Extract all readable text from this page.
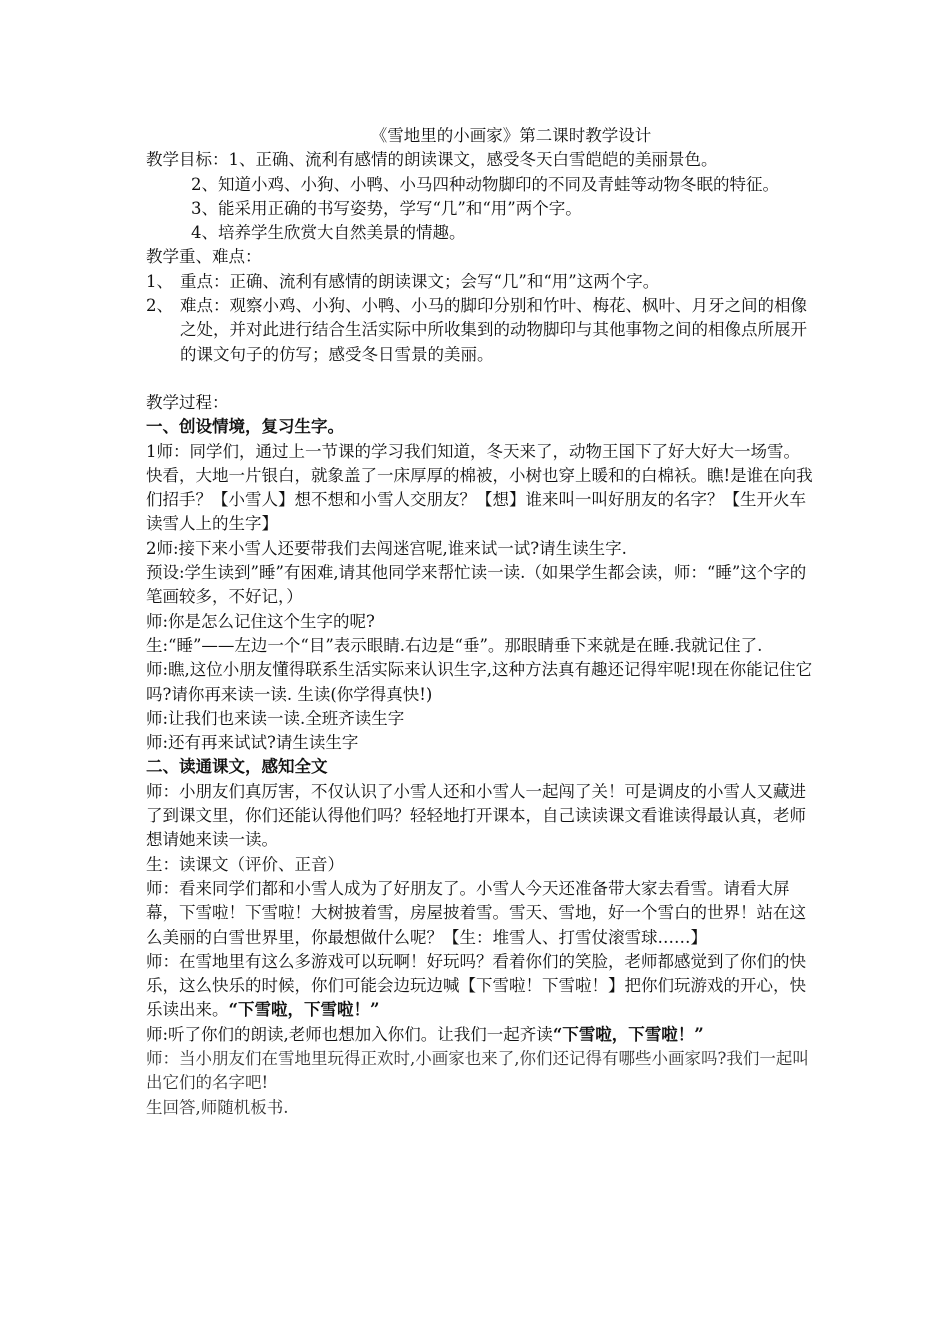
《雪地里的小画家》第二课时教学设计

教学目标：1、正确、流利有感情的朗读课文，感受冬天白雪皑皑的美丽景色。

2、知道小鸡、小狗、小鸭、小马四种动物脚印的不同及青蛙等动物冬眠的特征。

3、能采用正确的书写姿势，学写“几”和“用”两个字。

4、培养学生欣赏大自然美景的情趣。

教学重、难点：

1、 重点：正确、流利有感情的朗读课文；会写“几”和“用”这两个字。
2、 难点：观察小鸡、小狗、小鸭、小马的脚印分别和竹叶、梅花、枫叶、月牙之间的相像之处，并对此进行结合生活实际中所收集到的动物脚印与其他事物之间的相像点所展开的课文句子的仿写；感受冬日雪景的美丽。

教学过程：

一、创设情境，复习生字。

1师：同学们，通过上一节课的学习我们知道，冬天来了，动物王国下了好大好大一场雪。快看，大地一片银白，就象盖了一床厚厚的棉被，小树也穿上暖和的白棉袄。瞧!是谁在向我们招手？【小雪人】想不想和小雪人交朋友？【想】谁来叫一叫好朋友的名字？【生开火车读雪人上的生字】

2师:接下来小雪人还要带我们去闯迷宫呢,谁来试一试?请生读生字.

预设:学生读到”睡”有困难,请其他同学来帮忙读一读.（如果学生都会读，师：“睡”这个字的笔画较多，不好记，）

师:你是怎么记住这个生字的呢?

生:“睡”——左边一个“目”表示眼睛.右边是“垂”。那眼睛垂下来就是在睡.我就记住了.

师:瞧,这位小朋友懂得联系生活实际来认识生字,这种方法真有趣还记得牢呢!现在你能记住它吗?请你再来读一读. 生读(你学得真快!)

师:让我们也来读一读.全班齐读生字

师:还有再来试试?请生读生字

二、读通课文，感知全文

师：小朋友们真厉害，不仅认识了小雪人还和小雪人一起闯了关！可是调皮的小雪人又藏进了到课文里，你们还能认得他们吗？轻轻地打开课本，自己读读课文看谁读得最认真，老师想请她来读一读。

生：读课文（评价、正音）

师：看来同学们都和小雪人成为了好朋友了。小雪人今天还准备带大家去看雪。请看大屏幕，下雪啦！下雪啦！大树披着雪，房屋披着雪。雪天、雪地，好一个雪白的世界！站在这么美丽的白雪世界里，你最想做什么呢？【生：堆雪人、打雪仗滚雪球……】

师：在雪地里有这么多游戏可以玩啊！好玩吗？看着你们的笑脸，老师都感觉到了你们的快乐，这么快乐的时候，你们可能会边玩边喊【下雪啦！下雪啦！】把你们玩游戏的开心，快乐读出来。“下雪啦，下雪啦！”

师:听了你们的朗读,老师也想加入你们。让我们一起齐读“下雪啦，下雪啦！”

师：当小朋友们在雪地里玩得正欢时,小画家也来了,你们还记得有哪些小画家吗?我们一起叫出它们的名字吧!

生回答,师随机板书.
